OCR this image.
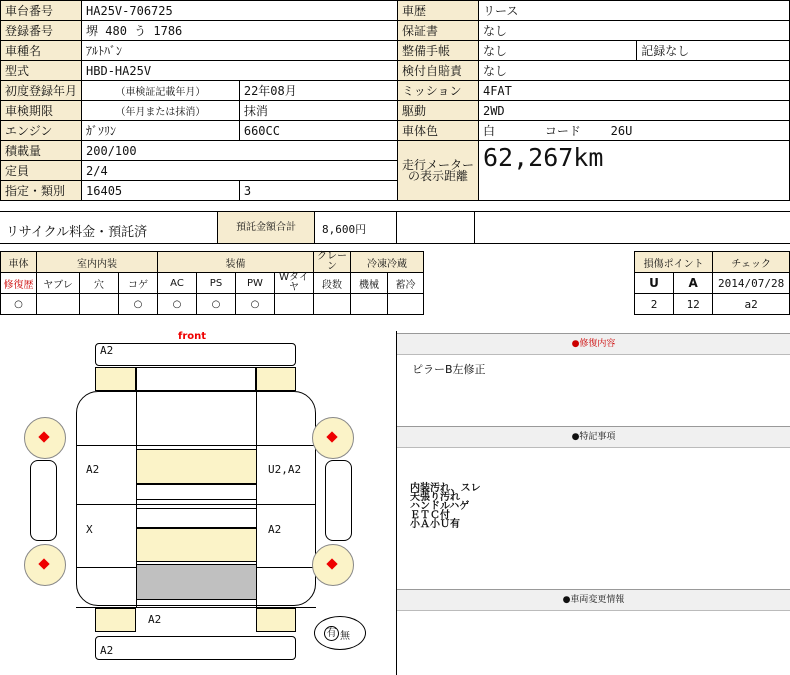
車台番号	HA25V-706725		車歴	リース	
登録番号	堺 480 う 1786		保証書	なし	
車種名	ｱﾙﾄﾊﾞﾝ		整備手帳	なし	記録なし
型式	HBD-HA25V		検付自賠責	なし	
初度登録年月	（車検証記載年月）	22年08月	ミッション	4FAT	
車検期限	（年月または抹消）	抹消	駆動	2WD	
エンジン	ｶﾞｿﾘﾝ	660CC	車体色	白 コード 26U	
積載量	200/100		走行メーター
の表示距離	62,267km	
定員	2/4				
指定・類別	16405	3			
リサイクル料金・預託済	預託金額合計	8,600円
車体	室内内装			装備				クレーン	冷凍冷蔵	
修復歴	ヤブレ	穴	コゲ	AC	PS	PW	Wタイヤ	段数	機械	蓄冷
○			○	○	○	○				
損傷ポイント		チェック
U	A	2014/07/28
2	12	a2
front
A2
A2	U2,A2
X	A2
A2
A2
有 無
●修復内容
ピラーB左修正
●特記事項
内装汚れ、スレ
天張り汚れ
ハンドルハゲ
ＥＴＣ付
小Ａ小Ｕ有
●車両変更情報
